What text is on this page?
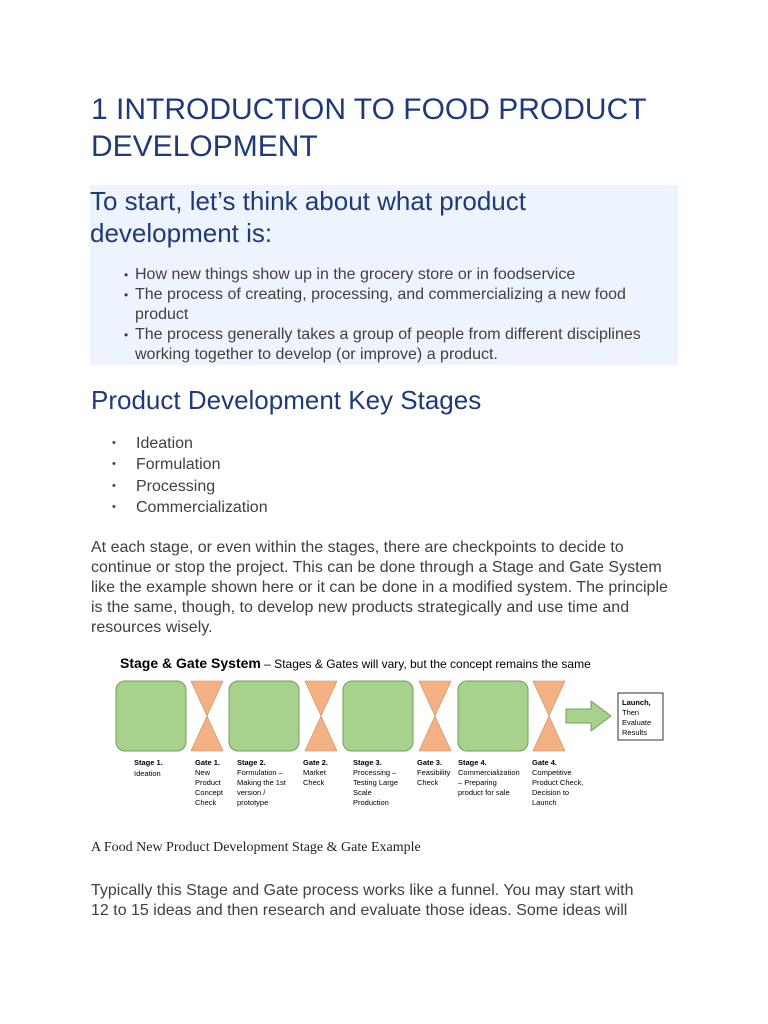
1 INTRODUCTION TO FOOD PRODUCT DEVELOPMENT
To start, let’s think about what product development is:
• How new things show up in the grocery store or in foodservice
• The process of creating, processing, and commercializing a new food
product
• The process generally takes a group of people from different disciplines
working together to develop (or improve) a product.
Product Development Key Stages
• Ideation
• Formulation
• Processing
• Commercialization

At each stage, or even within the stages, there are checkpoints to decide to continue or stop the project. This can be done through a Stage and Gate System like the example shown here or it can be done in a modified system. The principle is the same, though, to develop new products strategically and use time and resources wisely.

Stage & Gate System – Stages & Gates will vary, but the concept remains the same
Launch,
Then
Evaluate
Results
Stage 1.
Ideation
Gate 1.
New
Product
Concept
Check
Stage 2.
Formulation –
Making the 1st
version /
prototype
Gate 2.
Market
Check
Stage 3.
Processing –
Testing Large
Scale
Production
Gate 3.
Feasibility
Check
Stage 4.
Commercialization
– Preparing
product for sale
Gate 4.
Competitive
Product Check,
Decision to
Launch

A Food New Product Development Stage & Gate Example

Typically this Stage and Gate process works like a funnel. You may start with
12 to 15 ideas and then research and evaluate those ideas. Some ideas will
